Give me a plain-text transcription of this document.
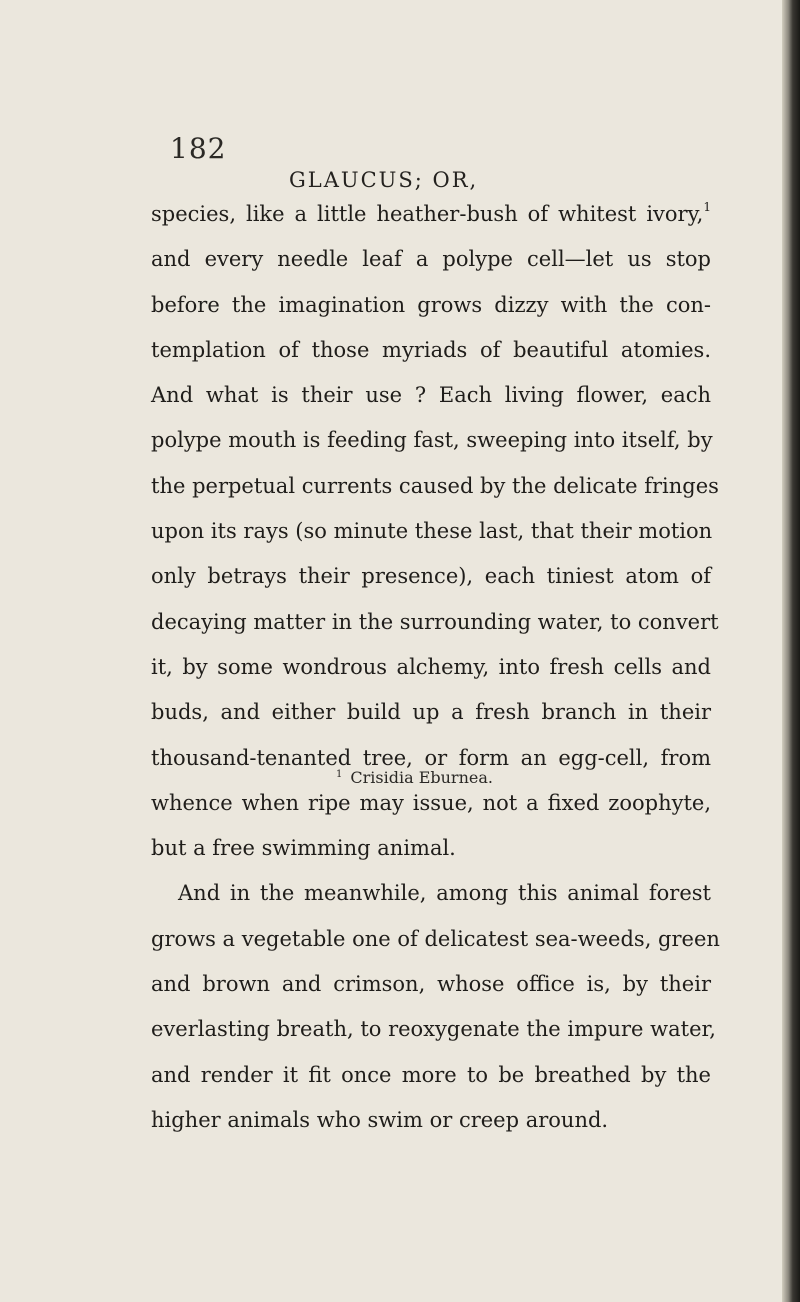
182
GLAUCUS; OR,
species, like a little heather-bush of whitest ivory,$^1$
and every needle leaf a polype cell—let us stop
before the imagination grows dizzy with the con-
templation of those myriads of beautiful atomies.
And what is their use ? Each living flower, each
polype mouth is feeding fast, sweeping into itself, by
the perpetual currents caused by the delicate fringes
upon its rays (so minute these last, that their motion
only betrays their presence), each tiniest atom of
decaying matter in the surrounding water, to convert
it, by some wondrous alchemy, into fresh cells and
buds, and either build up a fresh branch in their
thousand-tenanted tree, or form an egg-cell, from
whence when ripe may issue, not a fixed zoophyte,
but a free swimming animal.
And in the meanwhile, among this animal forest
grows a vegetable one of delicatest sea-weeds, green
and brown and crimson, whose office is, by their
everlasting breath, to reoxygenate the impure water,
and render it fit once more to be breathed by the
higher animals who swim or creep around.
$^1$ Crisidia Eburnea.
